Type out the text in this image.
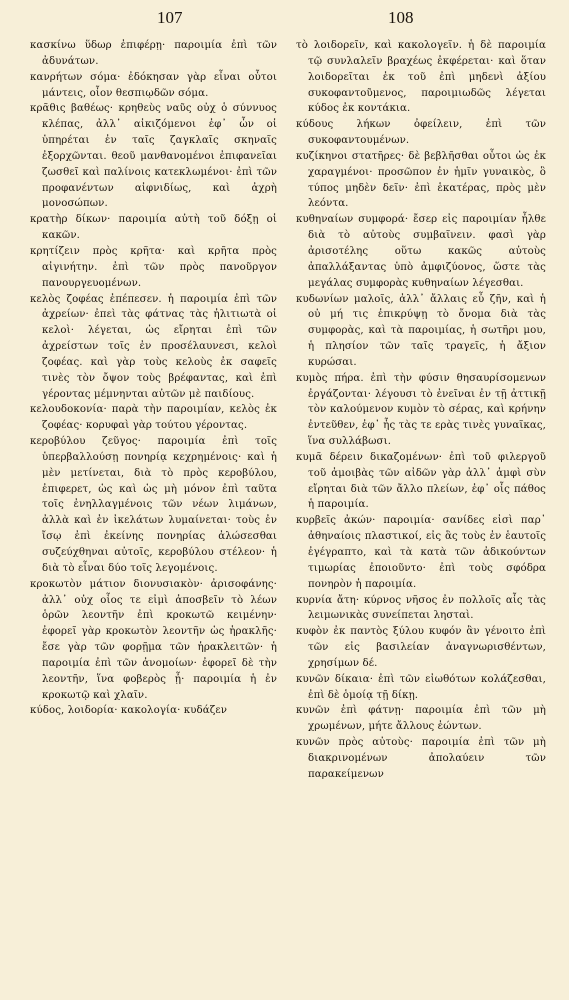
107	108

κασκίνω ὕδωρ ἐπιφέρῃ· παροιμία ἐπὶ τῶν ἀδυνάτων.

κανρήτων σόμα· ἐδόκησαν γὰρ εἶναι οὗτοι μάντεις, οἷον θεσπιῳδῶν σόμα.

κρᾶθις βαθέως· κρηθεὺς ναῦς οὐχ ὁ σύννυος κλέπας, ἀλλ᾽ αἰκιζόμενοι ἐφ᾽ ὧν οἱ ὑπηρέται ἐν ταῖς ζαγκλαῖς σκηναῖς ἐξορχῶνται. θεοῦ μανθανομένοι ἐπιφανεῖαι ζωσθεῖ καὶ παλίνοις κατεκλωμένοι· ἐπὶ τῶν προφανέντων αἰφνιδίως, καὶ ἀχρὴ μονοσώπων.

κρατὴρ δίκων· παροιμία αὐτὴ τοῦ δόξῃ οἱ κακῶν.

κρητίζειν πρὸς κρῆτα· καὶ κρῆτα πρὸς αἰγινήτην. ἐπὶ τῶν πρὸς πανοῦργον πανουργευομένων.

κελὸς ζοφέας ἐπέπεσεν. ἡ παροιμία ἐπὶ τῶν ἀχρείων· ἐπεὶ τὰς φάτνας τὰς ἠλιτιωτὰ οἱ κελοὶ· λέγεται, ὡς εἴρηται ἐπὶ τῶν ἀχρείστων τοῖς ἐν προσέλαυνεσι, κελοὶ ζοφέας. καὶ γὰρ τοὺς κελοὺς ἐκ σαφεῖς τινὲς τὸν ὄψον τοὺς βρέφαντας, καὶ ἐπὶ γέροντας μέμνηνται αὐτῶν μὲ παιδίους.

κελουδοκονία· παρὰ τὴν παροιμίαν, κελὸς ἐκ ζοφέας· κορυφαὶ γὰρ τούτου γέροντας.

κεροβύλου ζεῦγος· παροιμία ἐπὶ τοῖς ὑπερβαλλούσῃ πονηρίᾳ κεχρημένοις· καὶ ἡ μὲν μετίνεται, διὰ τὸ πρὸς κεροβύλου, ἐπιφερετ, ὡς καὶ ὡς μὴ μόνον ἐπὶ ταῦτα τοῖς ἐνηλλαγμένοις τῶν νέων λιμάνων, ἀλλὰ καὶ ἐν ἰκελάτων λυμαίνεται· τοὺς ἐν ἴσῳ ἐπὶ ἐκείνης πονηρίας ἀλώσεσθαι συζεύχθηναι αὐτοῖς, κεροβύλου στέλεον· ἡ διὰ τὸ εἶναι δύο τοῖς λεγομένοις.

κροκωτὸν μάτιον διονυσιακὸν· ἀρισοφάνης· ἀλλ᾽ οὐχ οἷος τε εἰμὶ ἀποσβεῖν τὸ λέων ὁρῶν λεοντῆν ἐπὶ κροκωτῶ κειμένην· ἐφορεῖ γὰρ κροκωτὸν λεοντῆν ὡς ἡρακλῆς· ἔσε γὰρ τῶν φορῇμα τῶν ἡρακλειτῶν· ἡ παροιμία ἐπὶ τῶν ἀνομοίων· ἐφορεῖ δὲ τὴν λεοντῆν, ἵνα φοβερὸς ᾖ· παροιμία ἡ ἐν κροκωτῷ καὶ χλαῖν.

κύδος, λοιδορία· κακολογία· κυδάζεν

τὸ λοιδορεῖν, καὶ κακολογεῖν. ἡ δὲ παροιμία τῷ συνλαλεῖν βραχέως ἐκφέρεται· καὶ ὅταν λοιδορεῖται ἐκ τοῦ ἐπὶ μηδενὶ ἀξίου συκοφαντοῦμενος, παροιμιωδῶς λέγεται κύδος ἐκ κοντάκια.

κύδους λήκων ὀφείλειν, ἐπὶ τῶν συκοφαντουμένων.

κυζίκηνοι στατῆρες· δὲ βεβλῆσθαι οὗτοι ὡς ἐκ χαραγμένοι· προσῶπον ἐν ἡμῖν γυναικὸς, ὃ τύπος μηδὲν δεῖν· ἐπὶ ἑκατέρας, πρὸς μὲν λεόντα.

κυθηναίων συμφορά· ἔσερ εἰς παροιμίαν ἦλθε διὰ τὸ αὐτοὺς συμβαῖνειν. φασὶ γὰρ ἀρισοτέλης οὕτω κακῶς αὐτοὺς ἀπαλλάξαντας ὑπὸ ἀμφιζύονος, ὥστε τὰς μεγάλας συμφορὰς κυθηναίων λέγεσθαι.

κυδωνίων μαλοῖς, ἀλλ᾽ ἄλλαις εὖ ζῆν, καὶ ἡ οὐ μή τις ἐπικρύψῃ τὸ ὄνομα διὰ τὰς συμφορὰς, καὶ τὰ παροιμίας, ἡ σωτῆρι μου, ἡ πλησίον τῶν ταῖς τραγεῖς, ἡ ἄξιον κυρώσαι.

κυμὸς πήρα. ἐπὶ τὴν φύσιν θησαυρίσομενων ἐργάζονται· λέγουσι τὸ ἐνεῖναι ἐν τῇ ἀττικῇ τὸν καλούμενον κυμὸν τὸ σέρας, καὶ κρήνην ἐντεῦθεν, ἐφ᾽ ἧς τὰς τε ερὰς τινὲς γυναῖκας, ἵνα συλλάβωσι.

κυμᾶ δέρειν δικαζομένων· ἐπὶ τοῦ φιλεργοῦ τοῦ ἀμοιβὰς τῶν αἰδῶν γὰρ ἀλλ᾽ ἀμφὶ σὺν εἴρηται διὰ τῶν ἄλλο πλείων, ἐφ᾽ οἷς πάθος ἡ παροιμία.

κυρβεῖς ἀκών· παροιμία· σανίδες εἰσὶ παρ᾽ ἀθηναίοις πλαστικοί, εἰς ἃς τοὺς ἐν ἑαυτοῖς ἐγέγραπτο, καὶ τὰ κατὰ τῶν ἀδικούντων τιμωρίας ἐποιοῦντο· ἐπὶ τοὺς σφόδρα πονηρὸν ἡ παροιμία.

κυρνία ἄτη· κύρνος νῆσος ἐν πολλοῖς αἷς τὰς λειμωνικὰς συνείπεται λησταὶ.

κυφὸν ἐκ παντὸς ξύλου κυφόν ἂν γένοιτο ἐπὶ τῶν εἰς βασιλείαν ἀναγνωρισθέντων, χρησίμων δέ.

κυνῶν δίκαια· ἐπὶ τῶν εἰωθότων κολάζεσθαι, ἐπὶ δὲ ὁμοίᾳ τῇ δίκῃ.

κυνῶν ἐπὶ φάτνῃ· παροιμία ἐπὶ τῶν μὴ χρωμένων, μήτε ἄλλους ἐώντων.

κυνῶν πρὸς αὐτοὺς· παροιμία ἐπὶ τῶν μὴ διακρινομένων ἀπολαύειν τῶν παρακείμενων
